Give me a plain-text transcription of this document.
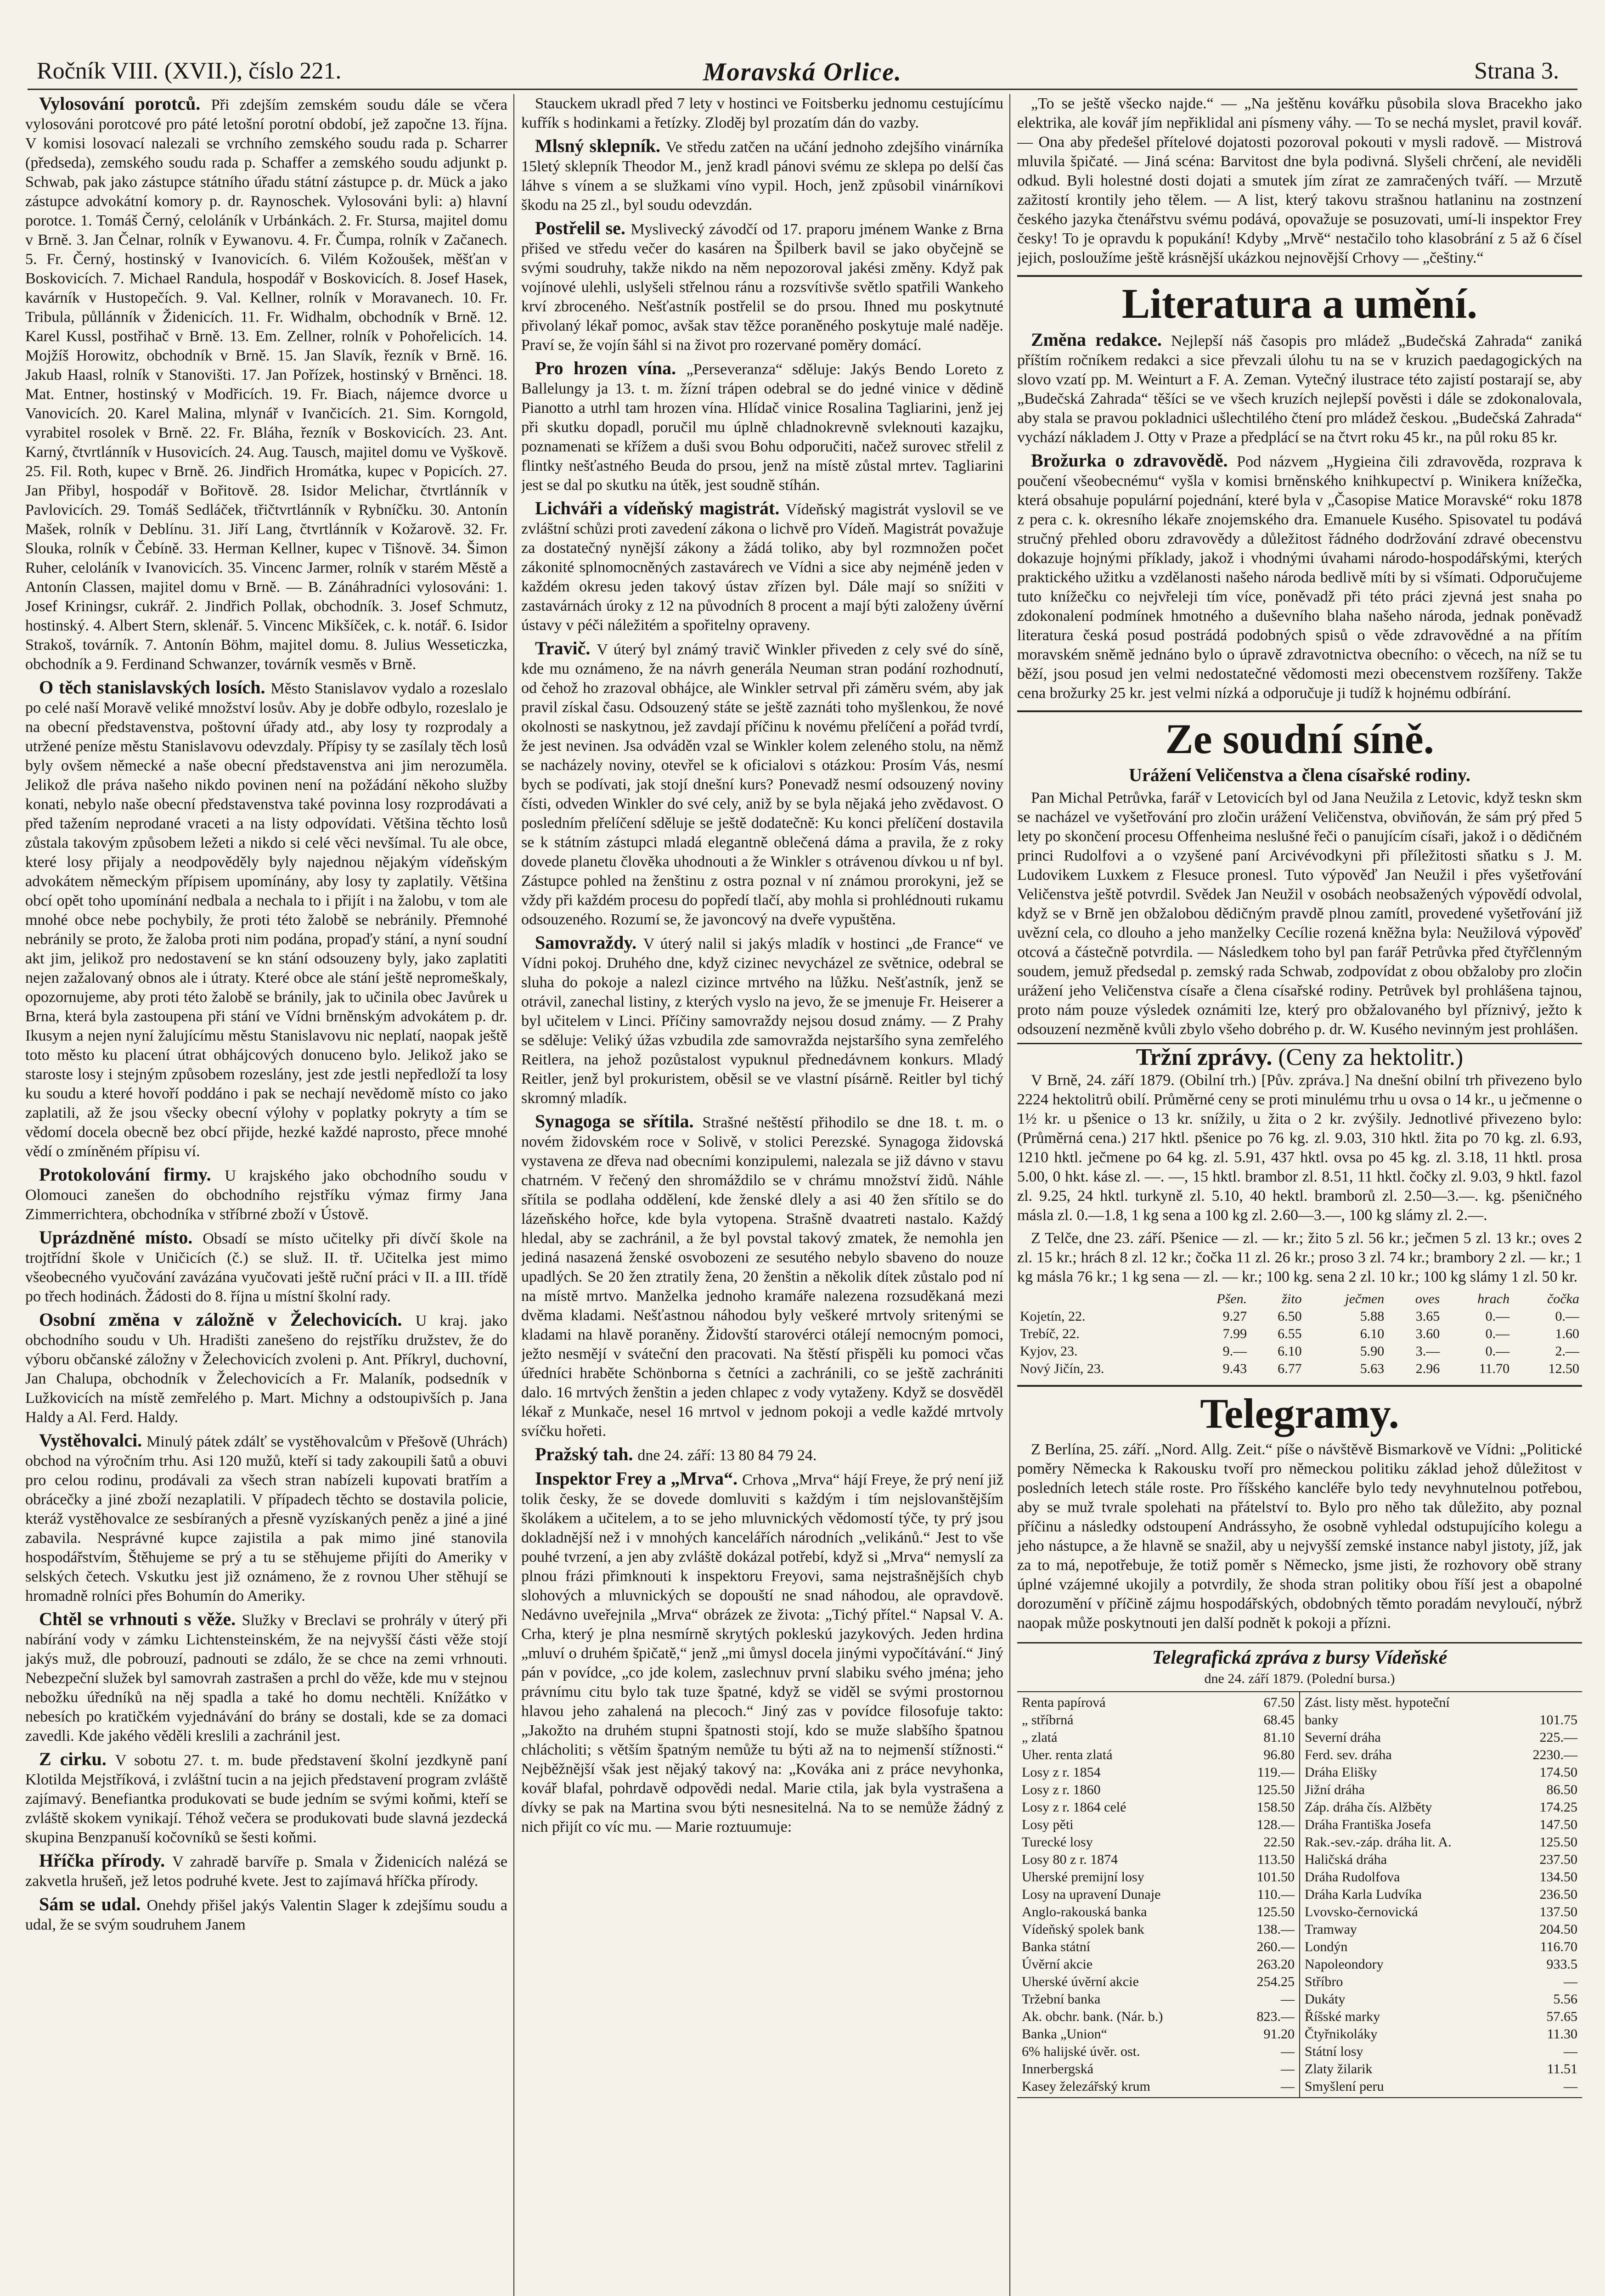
Ročník VIII. (XVII.), číslo 221.	Moravská Orlice.	Strana 3.

Vylosování porotců. Při zdejším zemském soudu dále se včera vylosováni porotcové pro páté letošní porotní období, jež započne 13. října. V komisi losovací nalezali se vrchního zemského soudu rada p. Scharrer (předseda), zemského soudu rada p. Schaffer a zemského soudu adjunkt p. Schwab, pak jako zástupce státního úřadu státní zástupce p. dr. Mück a jako zástupce advokátní komory p. dr. Raynoschek. Vylosováni byli: a) hlavní porotce. 1. Tomáš Černý, celoláník v Urbánkách. 2. Fr. Stursa, majitel domu v Brně. 3. Jan Čelnar, rolník v Eywanovu. 4. Fr. Čumpa, rolník v Začanech. 5. Fr. Černý, hostinský v Ivanovicích. 6. Vilém Kožoušek, měšťan v Boskovicích. 7. Michael Randula, hospodář v Boskovicích. 8. Josef Hasek, kavárník v Hustopečích. 9. Val. Kellner, rolník v Moravanech. 10. Fr. Tribula, půllánník v Židenicích. 11. Fr. Widhalm, obchodník v Brně. 12. Karel Kussl, postřihač v Brně. 13. Em. Zellner, rolník v Pohořelicích. 14. Mojžíš Horowitz, obchodník v Brně. 15. Jan Slavík, řezník v Brně. 16. Jakub Haasl, rolník v Stanovišti. 17. Jan Pořízek, hostinský v Brněnci. 18. Mat. Entner, hostinský v Modřicích. 19. Fr. Biach, nájemce dvorce u Vanovicích. 20. Karel Malina, mlynář v Ivančicích. 21. Sim. Korngold, vyrabitel rosolek v Brně. 22. Fr. Bláha, řezník v Boskovicích. 23. Ant. Karný, čtvrtlánník v Husovicích. 24. Aug. Tausch, majitel domu ve Vyškově. 25. Fil. Roth, kupec v Brně. 26. Jindřich Hromátka, kupec v Popicích. 27. Jan Přibyl, hospodář v Bořitově. 28. Isidor Melichar, čtvrtlánník v Pavlovicích. 29. Tomáš Sedláček, třičtvrtlánník v Rybníčku. 30. Antonín Mašek, rolník v Deblínu. 31. Jiří Lang, čtvrtlánník v Kožarově. 32. Fr. Slouka, rolník v Čebíně. 33. Herman Kellner, kupec v Tišnově. 34. Šimon Ruher, celoláník v Ivanovicích. 35. Vincenc Jarmer, rolník v starém Městě a Antonín Classen, majitel domu v Brně. — B. Zánáhradníci vylosováni: 1. Josef Kriningsr, cukrář. 2. Jindřich Pollak, obchodník. 3. Josef Schmutz, hostinský. 4. Albert Stern, sklenář. 5. Vincenc Mikšíček, c. k. notář. 6. Isidor Strakoš, továrník. 7. Antonín Böhm, majitel domu. 8. Julius Wesseticzka, obchodník a 9. Ferdinand Schwanzer, továrník vesměs v Brně.

O těch stanislavských losích. Město Stanislavov vydalo a rozeslalo po celé naší Moravě veliké množství losův. Aby je dobře odbylo, rozeslalo je na obecní představenstva, poštovní úřady atd., aby losy ty rozprodaly a utržené peníze městu Stanislavovu odevzdaly. Přípisy ty se zasílaly těch losů byly ovšem německé a naše obecní představenstva ani jim nerozuměla. Jelikož dle práva našeho nikdo povinen není na požádání někoho služby konati, nebylo naše obecní představenstva také povinna losy rozprodávati a před tažením neprodané vraceti a na listy odpovídati. Většina těchto losů zůstala takovým způsobem ležeti a nikdo si celé věci nevšímal. Tu ale obce, které losy přijaly a neodpověděly byly najednou nějakým vídeňským advokátem německým přípisem upomínány, aby losy ty zaplatily. Většina obcí opět toho upomínání nedbala a nechala to i přijít i na žalobu, v tom ale mnohé obce nebe pochybily, že proti této žalobě se nebránily. Přemnohé nebránily se proto, že žaloba proti nim podána, propaďy stání, a nyní soudní akt jim, jelikož pro nedostavení se kn stání odsouzeny byly, jako zaplatiti nejen zažalovaný obnos ale i útraty. Které obce ale stání ještě nepromeškaly, opozornujeme, aby proti této žalobě se bránily, jak to učinila obec Javůrek u Brna, která byla zastoupena při stání ve Vídni brněnským advokátem p. dr. Ikusym a nejen nyní žalujícímu městu Stanislavovu nic neplatí, naopak ještě toto město ku placení útrat obhájcových donuceno bylo. Jelikož jako se staroste losy i stejným způsobem rozeslány, jest zde jestli nepředloží ta losy ku soudu a které hovoří poddáno i pak se nechají nevědomě místo co jako zaplatili, až že jsou všecky obecní výlohy v poplatky pokryty a tím se vědomí docela obecně bez obcí přijde, hezké každé naprosto, přece mnohé vědí o zmíněném přípisu ví.

Protokolování firmy. U krajského jako obchodního soudu v Olomouci zanešen do obchodního rejstříku výmaz firmy Jana Zimmerrichtera, obchodníka v stříbrné zboží v Ústově.

Uprázdněné místo. Obsadí se místo učitelky při dívčí škole na trojtřídní škole v Uničicích (č.) se služ. II. tř. Učitelka jest mimo všeobecného vyučování zavázána vyučovati ještě ruční práci v II. a III. třídě po třech hodinách. Žádosti do 8. října u místní školní rady.

Osobní změna v záložně v Želechovicích. U kraj. jako obchodního soudu v Uh. Hradišti zanešeno do rejstříku družstev, že do výboru občanské záložny v Želechovicích zvoleni p. Ant. Příkryl, duchovní, Jan Chalupa, obchodník v Želechovicích a Fr. Malaník, podsedník v Lužkovicích na místě zemřelého p. Mart. Michny a odstoupivších p. Jana Haldy a Al. Ferd. Haldy.

Vystěhovalci. Minulý pátek zdálť se vystěhovalcům v Přešově (Uhrách) obchod na výročním trhu. Asi 120 mužů, kteří si tady zakoupili šatů a obuvi pro celou rodinu, prodávali za všech stran nabízeli kupovati bratřím a obrácečky a jiné zboží nezaplatili. V případech těchto se dostavila policie, kteráž vystěhovalce ze sesbíraných a přesně vyzískaných peněz a jiné a jiné zabavila. Nesprávné kupce zajistila a pak mimo jiné stanovila hospodářstvím, Štěhujeme se prý a tu se stěhujeme přijíti do Ameriky v selských četech. Vskutku jest již oznámeno, že z rovnou Uher stěhují se hromadně rolníci přes Bohumín do Ameriky.

Chtěl se vrhnouti s věže. Služky v Breclavi se prohrály v úterý při nabírání vody v zámku Lichtensteinském, že na nejvyšší části věže stojí jakýs muž, dle pobrouzí, padnouti se zdálo, že se chce na zemi vrhnouti. Nebezpeční služek byl samovrah zastrašen a prchl do věže, kde mu v stejnou nebožku úředníků na něj spadla a také ho domu nechtěli. Knížátko v nebesích po kratičkém vyjednávání do brány se dostali, kde se za domaci zavedli. Kde jakého věděli kreslili a zachránil jest.

Z cirku. V sobotu 27. t. m. bude představení školní jezdkyně paní Klotilda Mejstříková, i zvláštní tucin a na jejich představení program zvláště zajímavý. Benefiantka produkovati se bude jedním se svými koňmi, kteří se zvláště skokem vynikají. Téhož večera se produkovati bude slavná jezdecká skupina Benzpanuší kočovníků se šesti koňmi.

Hříčka přírody. V zahradě barvíře p. Smala v Židenicích nalézá se zakvetla hrušeň, jež letos podruhé kvete. Jest to zajímavá hříčka přírody.

Sám se udal. Onehdy přišel jakýs Valentin Slager k zdejšímu soudu a udal, že se svým soudruhem Janem

Stauckem ukradl před 7 lety v hostinci ve Foitsberku jednomu cestujícímu kufřík s hodinkami a řetízky. Zloděj byl prozatím dán do vazby.

Mlsný sklepník. Ve středu zatčen na učání jednoho zdejšího vinárníka 15letý sklepník Theodor M., jenž kradl pánovi svému ze sklepa po delší čas láhve s vínem a se služkami víno vypil. Hoch, jenž způsobil vinárníkovi škodu na 25 zl., byl soudu odevzdán.

Postřelil se. Myslivecký závodčí od 17. praporu jménem Wanke z Brna přišed ve středu večer do kasáren na Špilberk bavil se jako obyčejně se svými soudruhy, takže nikdo na něm nepozoroval jakési změny. Když pak vojínové ulehli, uslyšeli střelnou ránu a rozsvítivše světlo spatřili Wankeho krví zbroceného. Nešťastník postřelil se do prsou. Ihned mu poskytnuté přivolaný lékař pomoc, avšak stav těžce poraněného poskytuje malé naděje. Praví se, že vojín šáhl si na život pro rozervané poměry domácí.

Pro hrozen vína. „Perseveranza“ sděluje: Jakýs Bendo Loreto z Ballelungy ja 13. t. m. žízní trápen odebral se do jedné vinice v dědině Pianotto a utrhl tam hrozen vína. Hlídač vinice Rosalina Tagliarini, jenž jej při skutku dopadl, poručil mu úplně chladnokrevně svleknouti kazajku, poznamenati se křížem a duši svou Bohu odporučiti, načež surovec střelil z flintky nešťastného Beuda do prsou, jenž na místě zůstal mrtev. Tagliarini jest se dal po skutku na útěk, jest soudně stíhán.

Lichváři a vídeňský magistrát. Vídeňský magistrát vyslovil se ve zvláštní schůzi proti zavedení zákona o lichvě pro Vídeň. Magistrát považuje za dostatečný nynější zákony a žádá toliko, aby byl rozmnožen počet zákonité splnomocněných zastavárech ve Vídni a sice aby nejméně jeden v každém okresu jeden takový ústav zřízen byl. Dále mají so snížiti v zastavárnách úroky z 12 na původních 8 procent a mají býti založeny úvěrní ústavy v péči náležitém a spořitelny opraveny.

Travič. V úterý byl známý travič Winkler přiveden z cely své do síně, kde mu oznámeno, že na návrh generála Neuman stran podání rozhodnutí, od čehož ho zrazoval obhájce, ale Winkler setrval při záměru svém, aby jak pravil získal času. Odsouzený státe se ještě zaznáti toho myšlenkou, že nové okolnosti se naskytnou, jež zavdají příčinu k novému přelíčení a pořád tvrdí, že jest nevinen. Jsa odváděn vzal se Winkler kolem zeleného stolu, na němž se nacházely noviny, otevřel se k oficialovi s otázkou: Prosím Vás, nesmí bych se podívati, jak stojí dnešní kurs? Ponevadž nesmí odsouzený noviny čísti, odveden Winkler do své cely, aniž by se byla nějaká jeho zvědavost. O posledním přelíčení sděluje se ještě dodatečně: Ku konci přelíčení dostavila se k státním zástupci mladá elegantně oblečená dáma a pravila, že z roky dovede planetu člověka uhodnouti a že Winkler s otrávenou dívkou u nf byl. Zástupce pohled na ženštinu z ostra poznal v ní známou prorokyni, jež se vždy při každém procesu do popředí tlačí, aby mohla si prohlédnouti rukamu odsouzeného. Rozumí se, že javoncový na dveře vypuštěna.

Samovraždy. V úterý nalil si jakýs mladík v hostinci „de France“ ve Vídni pokoj. Druhého dne, když cizinec nevycházel ze světnice, odebral se sluha do pokoje a nalezl cizince mrtvého na lůžku. Nešťastník, jenž se otrávil, zanechal listiny, z kterých vyslo na jevo, že se jmenuje Fr. Heiserer a byl učitelem v Linci. Příčiny samovraždy nejsou dosud známy. — Z Prahy se sděluje: Veliký úžas vzbudila zde samovražda nejstaršího syna zemřelého Reitlera, na jehož pozůstalost vypuknul přednedávnem konkurs. Mladý Reitler, jenž byl prokuristem, oběsil se ve vlastní písárně. Reitler byl tichý skromný mladík.

Synagoga se sřítila. Strašné neštěstí přihodilo se dne 18. t. m. o novém židovském roce v Solivě, v stolici Perezské. Synagoga židovská vystavena ze dřeva nad obecními konzipulemi, nalezala se již dávno v stavu chatrném. V řečený den shromáždilo se v chrámu množství židů. Náhle sřítila se podlaha oddělení, kde ženské dlely a asi 40 žen sřítilo se do lázeňského hořce, kde byla vytopena. Strašně dvaatreti nastalo. Každý hledal, aby se zachránil, a že byl povstal takový zmatek, že nemohla jen jediná nasazená ženské osvobozeni ze sesutého nebylo sbaveno do nouze upadlých. Se 20 žen ztratily žena, 20 ženštin a několik dítek zůstalo pod ní na místě mrtvo. Manželka jednoho kramáře nalezena rozsuděkaná mezi dvěma kladami. Nešťastnou náhodou byly veškeré mrtvoly sritenými se kladami na hlavě poraněny. Židovští starovérci otálejí nemocným pomoci, ježto nesmějí v sváteční den pracovati. Na štěstí přispěli ku pomoci včas úředníci hraběte Schönborna s četníci a zachránili, co se ještě zachrániti dalo. 16 mrtvých ženštin a jeden chlapec z vody vytaženy. Když se dosvěděl lékař z Munkače, nesel 16 mrtvol v jednom pokoji a vedle každé mrtvoly svíčku hořeti.

Pražský tah. dne 24. září: 13 80 84 79 24.

Inspektor Frey a „Mrva“. Crhova „Mrva“ hájí Freye, že prý není již tolik česky, že se dovede domluviti s každým i tím nejslovanštějším školákem a učitelem, a to se jeho mluvnických vědomostí týče, ty prý jsou dokladnější než i v mnohých kancelářích národních „velikánů.“ Jest to vše pouhé tvrzení, a jen aby zvláště dokázal potřebí, když si „Mrva“ nemyslí za plnou frázi přimknouti k inspektoru Freyovi, sama nejstrašnějších chyb slohových a mluvnických se dopouští ne snad náhodou, ale opravdově. Nedávno uveřejnila „Mrva“ obrázek ze života: „Tichý přítel.“ Napsal V. A. Crha, který je plna nesmírně skrytých pokleskú jazykových. Jeden hrdina „mluví o druhém špičatě,“ jenž „mi ůmysl docela jinými vypočítávání.“ Jiný pán v povídce, „co jde kolem, zaslechnuv první slabiku svého jména; jeho právnímu citu bylo tak tuze špatné, když se viděl se svými prostornou hlavou jeho zahalená na plecoch.“ Jiný zas v povídce filosofuje takto: „Jakožto na druhém stupni špatnosti stojí, kdo se muže slabšího špatnou chlácholiti; s větším špatným nemůže tu býti až na to nejmenší stížnosti.“ Nejběžnější však jest nějaký takový na: „Kováka ani z práce nevyhonka, kovář blafal, pohrdavě odpovědi nedal. Marie ctila, jak byla vystrašena a dívky se pak na Martina svou býti nesnesitelná. Na to se nemůže žádný z nich přijít co víc mu. — Marie roztuumuje:

„To se ještě všecko najde.“ — „Na ještěnu kovářku působila slova Bracekho jako elektrika, ale kovář jím nepřiklidal ani písmeny váhy. — To se nechá myslet, pravil kovář. — Ona aby předešel přítelové dojatosti pozoroval pokouti v mysli radově. — Mistrová mluvila špičaté. — Jiná scéna: Barvitost dne byla podivná. Slyšeli chrčení, ale neviděli odkud. Byli holestné dosti dojati a smutek jím zírat ze zamračených tváří. — Mrzutě zažitostí krontily jeho tělem. — A list, který takovu strašnou hatlaninu na zostnzení českého jazyka čtenářstvu svému podává, opovažuje se posuzovati, umí-li inspektor Frey česky! To je opravdu k popukání! Kdyby „Mrvě“ nestačilo toho klasobrání z 5 až 6 čísel jejich, posloužíme ještě krásnější ukázkou nejnovější Crhovy — „češtiny.“

Literatura a umění.

Změna redakce. Nejlepší náš časopis pro mládež „Budečská Zahrada“ zaniká příštím ročníkem redakci a sice převzali úlohu tu na se v kruzich paedagogických na slovo vzatí pp. M. Weinturt a F. A. Zeman. Vytečný ilustrace této zajistí postarají se, aby „Budečská Zahrada“ těšíci se ve všech kruzích nejlepší pověsti i dále se zdokonalovala, aby stala se pravou pokladnici ušlechtilého čtení pro mládež českou. „Budečská Zahrada“ vychází nákladem J. Otty v Praze a předplácí se na čtvrt roku 45 kr., na půl roku 85 kr.

Brožurka o zdravovědě. Pod názvem „Hygieina čili zdravověda, rozprava k poučení všeobecnému“ vyšla v komisi brněnského knihkupectví p. Winikera knížečka, která obsahuje populární pojednání, které byla v „Časopise Matice Moravské“ roku 1878 z pera c. k. okresního lékaře znojemského dra. Emanuele Kusého. Spisovatel tu podává stručný přehled oboru zdravovědy a důležitost řádného dodržování zdravé obecenstvu dokazuje hojnými příklady, jakož i vhodnými úvahami národo-hospodářskými, kterých praktického užitku a vzdělanosti našeho národa bedlivě míti by si všímati. Odporučujeme tuto knížečku co nejvřeleji tím více, poněvadž při této práci zjevná jest snaha po zdokonalení podmínek hmotného a duševního blaha našeho národa, jednak poněvadž literatura česká posud postrádá podobných spisů o věde zdravovědné a na přítím moravském sněmě jednáno bylo o úpravě zdravotnictva obecního: o věcech, na níž se tu běží, jsou posud jen velmi nedostatečné vědomosti mezi obecenstvem rozšířeny. Takže cena brožurky 25 kr. jest velmi nízká a odporučuje ji tudíž k hojnému odbírání.

Ze soudní síně.
Urážení Veličenstva a člena císařské rodiny.

Pan Michal Petrůvka, farář v Letovicích byl od Jana Neužila z Letovic, když teskn skm se nacházel ve vyšetřování pro zločin urážení Veličenstva, obviňován, že sám prý před 5 lety po skončení procesu Offenheima neslušné řeči o panujícím císaři, jakož i o dědičném princi Rudolfovi a o vzyšené paní Arcivévodkyni při příležitosti sňatku s J. M. Ludovikem Luxkem z Flesuce pronesl. Tuto výpověď Jan Neužil i přes vyšetřování Veličenstva ještě potvrdil. Svědek Jan Neužil v osobách neobsažených výpovědí odvolal, když se v Brně jen obžalobou dědičným pravdě plnou zamítl, provedené vyšetřování již uvězní cela, co dlouho a jeho manželky Cecílie rozená kněžna byla: Neužilová výpověď otcová a částečně potvrdila. — Následkem toho byl pan farář Petrůvka před čtyřčlenným soudem, jemuž předsedal p. zemský rada Schwab, zodpovídat z obou obžaloby pro zločin urážení jeho Veličenstva císaře a člena císařské rodiny. Petrůvek byl prohlášena tajnou, proto nám pouze výsledek oznámiti lze, který pro obžalovaného byl příznivý, ježto k odsouzení nezměně kvůli zbylo všeho dobrého p. dr. W. Kusého nevinným jest prohlášen.

Tržní zprávy. (Ceny za hektolitr.)

V Brně, 24. září 1879. (Obilní trh.) [Pův. zpráva.] Na dnešní obilní trh přivezeno bylo 2224 hektolitrů obilí. Průměrné ceny se proti minulému trhu u ovsa o 14 kr., u ječmenne o 1½ kr. u pšenice o 13 kr. snížily, u žita o 2 kr. zvýšily. Jednotlivé přivezeno bylo: (Průměrná cena.) 217 hktl. pšenice po 76 kg. zl. 9.03, 310 hktl. žita po 70 kg. zl. 6.93, 1210 hktl. ječmene po 64 kg. zl. 5.91, 437 hktl. ovsa po 45 kg. zl. 3.18, 11 hktl. prosa 5.00, 0 hkt. káse zl. —. —, 15 hktl. brambor zl. 8.51, 11 hktl. čočky zl. 9.03, 9 hktl. fazol zl. 9.25, 24 hktl. turkyně zl. 5.10, 40 hektl. bramborů zl. 2.50—3.—. kg. pšeničného másla zl. 0.—1.8, 1 kg sena a 100 kg zl. 2.60—3.—, 100 kg slámy zl. 2.—.

Z Telče, dne 23. září. Pšenice — zl. — kr.; žito 5 zl. 56 kr.; ječmen 5 zl. 13 kr.; oves 2 zl. 15 kr.; hrách 8 zl. 12 kr.; čočka 11 zl. 26 kr.; proso 3 zl. 74 kr.; brambory 2 zl. — kr.; 1 kg másla 76 kr.; 1 kg sena — zl. — kr.; 100 kg. sena 2 zl. 10 kr.; 100 kg slámy 1 zl. 50 kr.

	Pšen.	žito	ječmen	oves	hrach	čočka
Kojetín, 22.	9.27	6.50	5.88	3.65	0.—	0.—
Trebíč, 22.	7.99	6.55	6.10	3.60	0.—	1.60
Kyjov, 23.	9.—	6.10	5.90	3.—	0.—	2.—
Nový Jičín, 23.	9.43	6.77	5.63	2.96	11.70	12.50
Telegramy.

Z Berlína, 25. září. „Nord. Allg. Zeit.“ píše o návštěvě Bismarkově ve Vídni: „Politické poměry Německa k Rakousku tvoří pro německou politiku základ jehož důležitost v posledních letech stále roste. Pro říšského kancléře bylo tedy nevyhnutelnou potřebou, aby se muž tvrale spolehati na přátelství to. Bylo pro něho tak důležito, aby poznal příčinu a následky odstoupení Andrássyho, že osobně vyhledal odstupujícího kolegu a jeho nástupce, a že hlavně se snažil, aby u nejvyšší zemské instance nabyl jistoty, jíž, jak za to má, nepotřebuje, že totiž poměr s Německo, jsme jisti, že rozhovory obě strany úplné vzájemné ukojily a potvrdily, že shoda stran politiky obou říší jest a obapolné dorozumění v příčině zájmu hospodářských, obdobných těmto poradám nevyloučí, nýbrž naopak může poskytnouti jen další podnět k pokoji a přízni.

Telegrafická zpráva z bursy Vídeňské
dne 24. září 1879. (Polední bursa.)
Renta papírová	67.50
„ stříbrná	68.45
„ zlatá	81.10
Uher. renta zlatá	96.80
Losy z r. 1854	119.—
Losy z r. 1860	125.50
Losy z r. 1864 celé	158.50
Losy pěti	128.—
Turecké losy	22.50
Losy 80 z r. 1874	113.50
Uherské premijní losy	101.50
Losy na upravení Dunaje	110.—
Anglo-rakouská banka	125.50
Vídeňský spolek bank	138.—
Banka státní	260.—
Úvěrní akcie	263.20
Uherské úvěrní akcie	254.25
Tržební banka	—
Ak. obchr. bank. (Nár. b.)	823.—
Banka „Union“	91.20
6% halijské úvěr. ost.	—
Innerbergská	—
Kasey železářský krum	—
Zást. listy měst. hypoteční
banky	101.75
Severní dráha	225.—
Ferd. sev. dráha	2230.—
Dráha Elišky	174.50
Jižní dráha	86.50
Záp. dráha čís. Alžběty	174.25
Dráha Františka Josefa	147.50
Rak.-sev.-záp. dráha lit. A.	125.50
Haličská dráha	237.50
Dráha Rudolfova	134.50
Dráha Karla Ludvíka	236.50
Lvovsko-černovická	137.50
Tramway	204.50
Londýn	116.70
Napoleondory	933.5
Stříbro	—
Dukáty	5.56
Říšské marky	57.65
Čtyřnikoláky	11.30
Státní losy	—
Zlaty žilarik	11.51
Smyšlení peru	—
